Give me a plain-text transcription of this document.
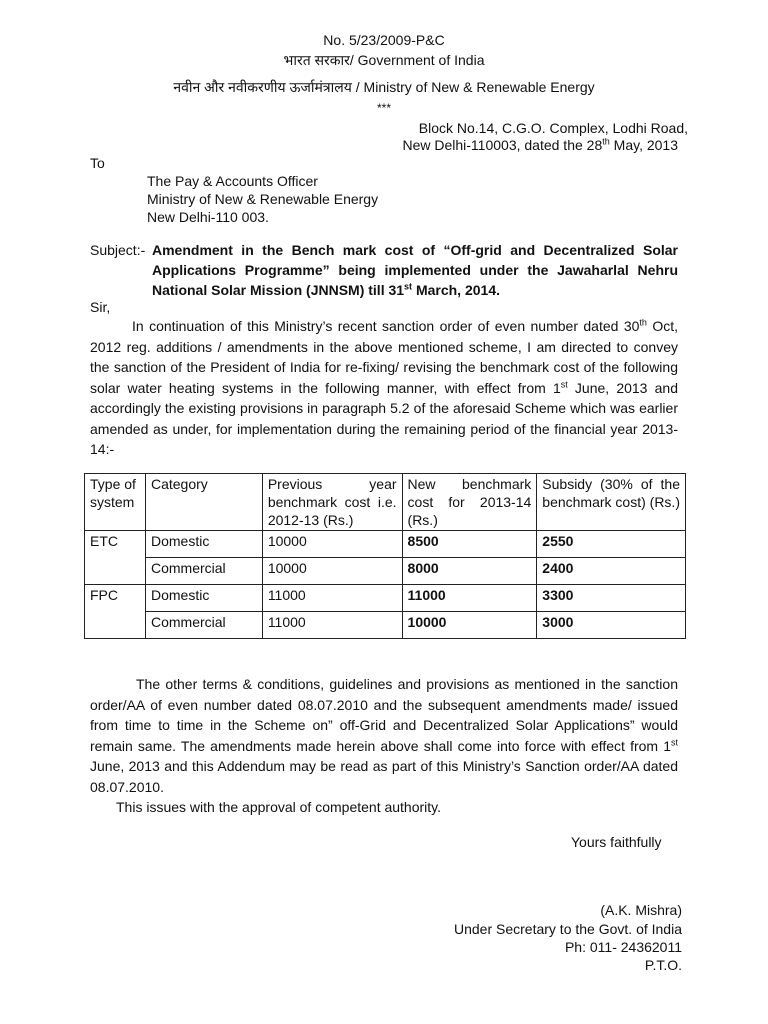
No. 5/23/2009-P&C
भारत सरकार/ Government of India
नवीन और नवीकरणीय ऊर्जामंत्रालय / Ministry of New & Renewable Energy
***
Block No.14, C.G.O. Complex, Lodhi Road,
New Delhi-110003, dated the 28th May, 2013
To
The Pay & Accounts Officer
Ministry of New & Renewable Energy
New Delhi-110 003.
Subject:- Amendment in the Bench mark cost of “Off-grid and Decentralized Solar Applications Programme” being implemented under the Jawaharlal Nehru National Solar Mission (JNNSM) till 31st March, 2014.
Sir,

In continuation of this Ministry’s recent sanction order of even number dated 30th Oct, 2012 reg. additions / amendments in the above mentioned scheme, I am directed to convey the sanction of the President of India for re-fixing/ revising the benchmark cost of the following solar water heating systems in the following manner, with effect from 1st June, 2013 and accordingly the existing provisions in paragraph 5.2 of the aforesaid Scheme which was earlier amended as under, for implementation during the remaining period of the financial year 2013-14:-

Type of system	Category	Previous year benchmark cost i.e. 2012-13 (Rs.)	New benchmark cost for 2013-14 (Rs.)	Subsidy (30% of the benchmark cost) (Rs.)
ETC	Domestic	10000	8500	2550
	Commercial	10000	8000	2400
FPC	Domestic	11000	11000	3300
	Commercial	11000	10000	3000

The other terms & conditions, guidelines and provisions as mentioned in the sanction order/AA of even number dated 08.07.2010 and the subsequent amendments made/ issued from time to time in the Scheme on” off-Grid and Decentralized Solar Applications” would remain same. The amendments made herein above shall come into force with effect from 1st June, 2013 and this Addendum may be read as part of this Ministry’s Sanction order/AA dated 08.07.2010.

This issues with the approval of competent authority.
Yours faithfully
(A.K. Mishra)
Under Secretary to the Govt. of India
Ph: 011- 24362011
P.T.O.
